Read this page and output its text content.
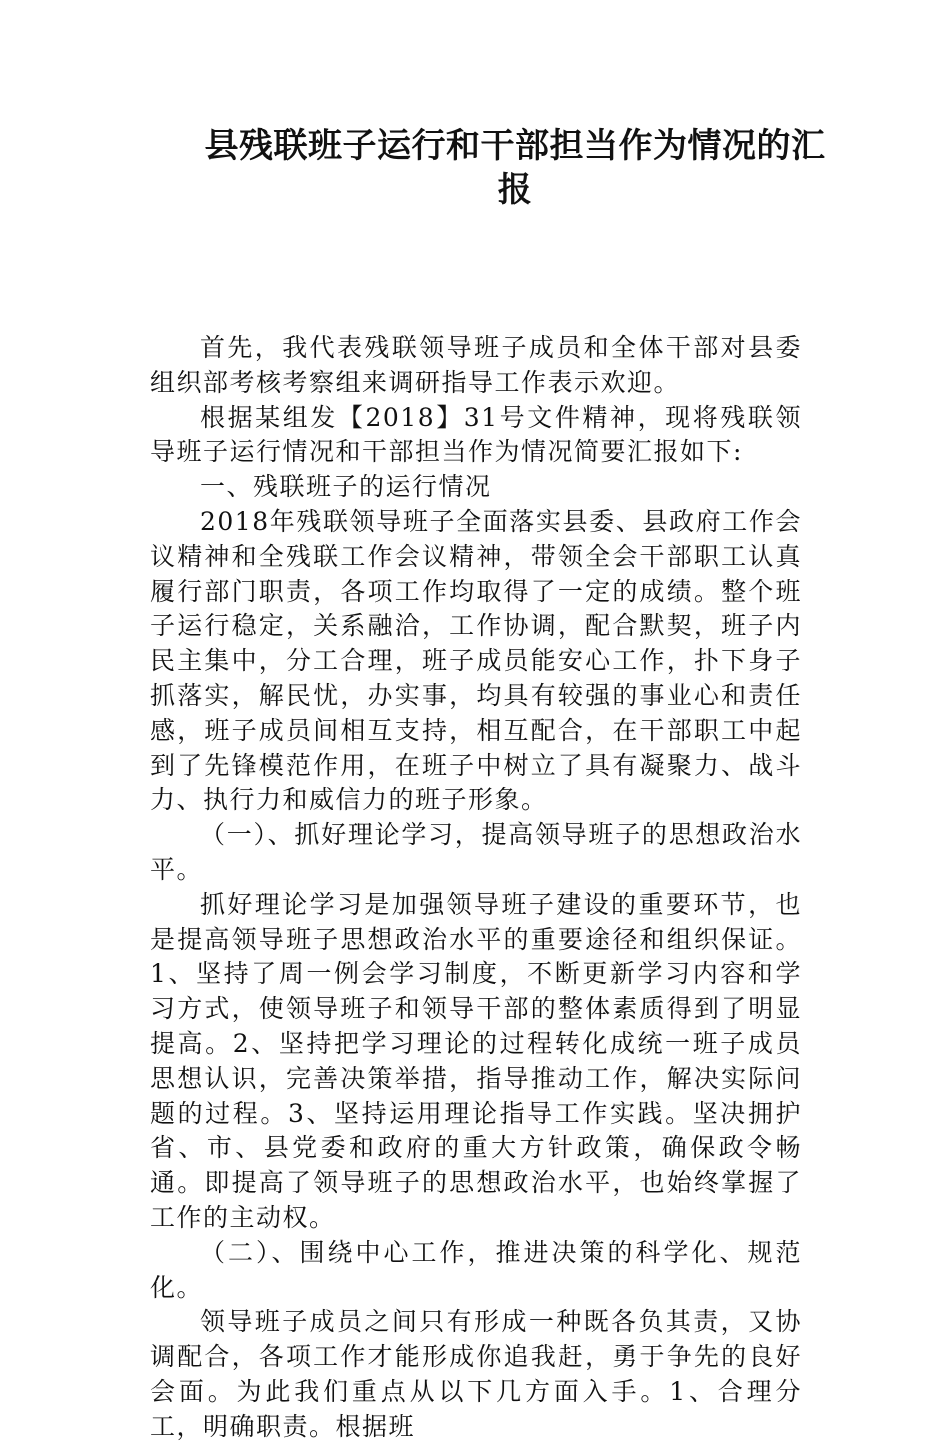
县残联班子运行和干部担当作为情况的汇
报

首先，我代表残联领导班子成员和全体干部对县委组织部考核考察组来调研指导工作表示欢迎。

根据某组发【2018】31号文件精神，现将残联领导班子运行情况和干部担当作为情况简要汇报如下:

一、残联班子的运行情况

2018年残联领导班子全面落实县委、县政府工作会议精神和全残联工作会议精神，带领全会干部职工认真履行部门职责，各项工作均取得了一定的成绩。整个班子运行稳定，关系融洽，工作协调，配合默契，班子内民主集中，分工合理，班子成员能安心工作，扑下身子抓落实，解民忧，办实事，均具有较强的事业心和责任感，班子成员间相互支持，相互配合，在干部职工中起到了先锋模范作用，在班子中树立了具有凝聚力、战斗力、执行力和威信力的班子形象。

（一）、抓好理论学习，提高领导班子的思想政治水平。

抓好理论学习是加强领导班子建设的重要环节，也是提高领导班子思想政治水平的重要途径和组织保证。1、坚持了周一例会学习制度，不断更新学习内容和学习方式，使领导班子和领导干部的整体素质得到了明显提高。2、坚持把学习理论的过程转化成统一班子成员思想认识，完善决策举措，指导推动工作，解决实际问题的过程。3、坚持运用理论指导工作实践。坚决拥护省、市、县党委和政府的重大方针政策，确保政令畅通。即提高了领导班子的思想政治水平，也始终掌握了工作的主动权。

（二）、围绕中心工作，推进决策的科学化、规范化。

领导班子成员之间只有形成一种既各负其责，又协调配合，各项工作才能形成你追我赶，勇于争先的良好会面。为此我们重点从以下几方面入手。1、合理分工，明确职责。根据班
